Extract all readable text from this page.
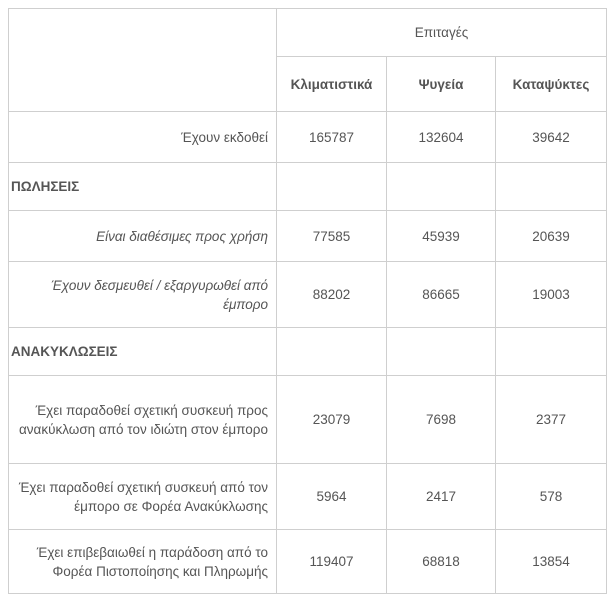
	Επιταγές		
	Κλιματιστικά	Ψυγεία	Καταψύκτες
Έχουν εκδοθεί	165787	132604	39642
ΠΩΛΗΣΕΙΣ			
Είναι διαθέσιμες προς χρήση	77585	45939	20639
Έχουν δεσμευθεί / εξαργυρωθεί από έμπορο	88202	86665	19003
ΑΝΑΚΥΚΛΩΣΕΙΣ			
Έχει παραδοθεί σχετική συσκευή προς ανακύκλωση από τον ιδιώτη στον έμπορο	23079	7698	2377
Έχει παραδοθεί σχετική συσκευή από τον έμπορο σε Φορέα Ανακύκλωσης	5964	2417	578
Έχει επιβεβαιωθεί η παράδοση από το Φορέα Πιστοποίησης και Πληρωμής	119407	68818	13854
